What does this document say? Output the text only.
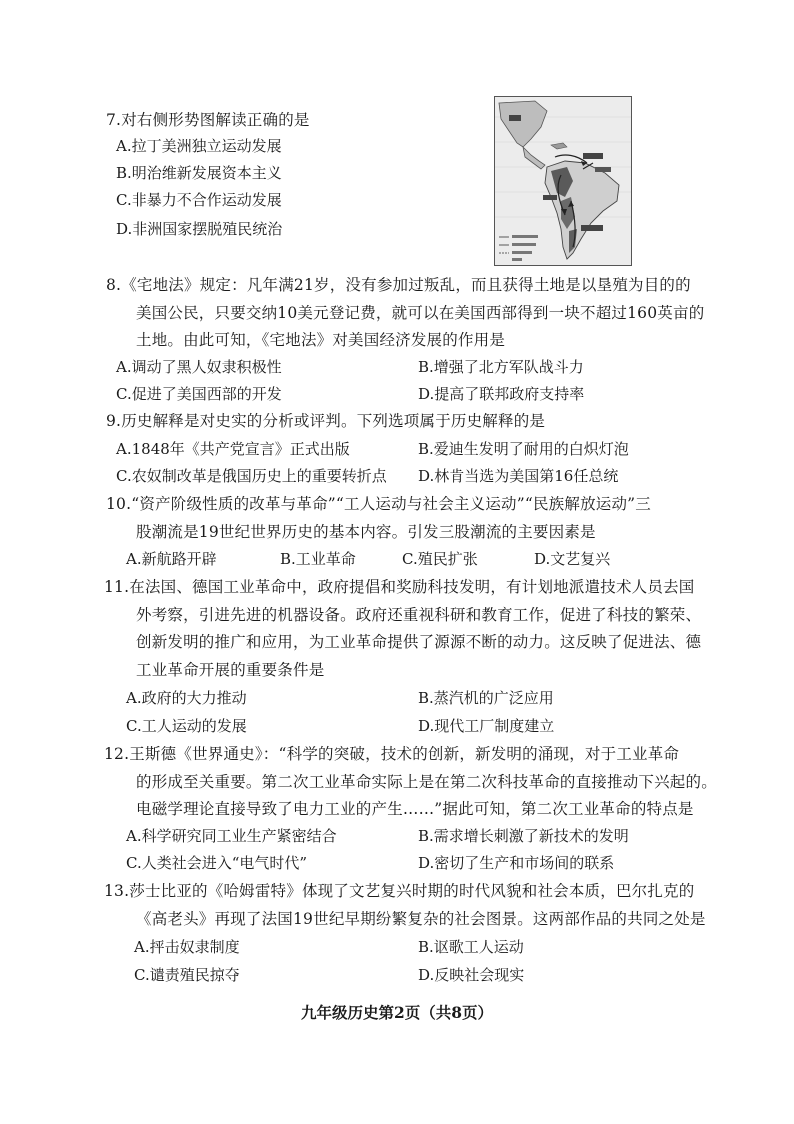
7.对右侧形势图解读正确的是
A.拉丁美洲独立运动发展
B.明治维新发展资本主义
C.非暴力不合作运动发展
D.非洲国家摆脱殖民统治
8.《宅地法》规定：凡年满21岁，没有参加过叛乱，而且获得土地是以垦殖为目的的
美国公民，只要交纳10美元登记费，就可以在美国西部得到一块不超过160英亩的
土地。由此可知，《宅地法》对美国经济发展的作用是
A.调动了黑人奴隶积极性	B.增强了北方军队战斗力
C.促进了美国西部的开发	D.提高了联邦政府支持率
9.历史解释是对史实的分析或评判。下列选项属于历史解释的是
A.1848年《共产党宣言》正式出版	B.爱迪生发明了耐用的白炽灯泡
C.农奴制改革是俄国历史上的重要转折点 D.林肯当选为美国第16任总统
10.“资产阶级性质的改革与革命”“工人运动与社会主义运动”“民族解放运动”三
股潮流是19世纪世界历史的基本内容。引发三股潮流的主要因素是
A.新航路开辟	B.工业革命	C.殖民扩张	D.文艺复兴
11.在法国、德国工业革命中，政府提倡和奖励科技发明，有计划地派遣技术人员去国
外考察，引进先进的机器设备。政府还重视科研和教育工作，促进了科技的繁荣、
创新发明的推广和应用，为工业革命提供了源源不断的动力。这反映了促进法、德
工业革命开展的重要条件是
A.政府的大力推动	B.蒸汽机的广泛应用
C.工人运动的发展	D.现代工厂制度建立
12.王斯德《世界通史》：“科学的突破，技术的创新，新发明的涌现，对于工业革命
的形成至关重要。第二次工业革命实际上是在第二次科技革命的直接推动下兴起的。
电磁学理论直接导致了电力工业的产生……”据此可知，第二次工业革命的特点是
A.科学研究同工业生产紧密结合	B.需求增长刺激了新技术的发明
C.人类社会进入“电气时代”	D.密切了生产和市场间的联系
13.莎士比亚的《哈姆雷特》体现了文艺复兴时期的时代风貌和社会本质，巴尔扎克的
《高老头》再现了法国19世纪早期纷繁复杂的社会图景。这两部作品的共同之处是
A.抨击奴隶制度	B.讴歌工人运动
C.谴责殖民掠夺	D.反映社会现实
九年级历史第2页（共8页）
